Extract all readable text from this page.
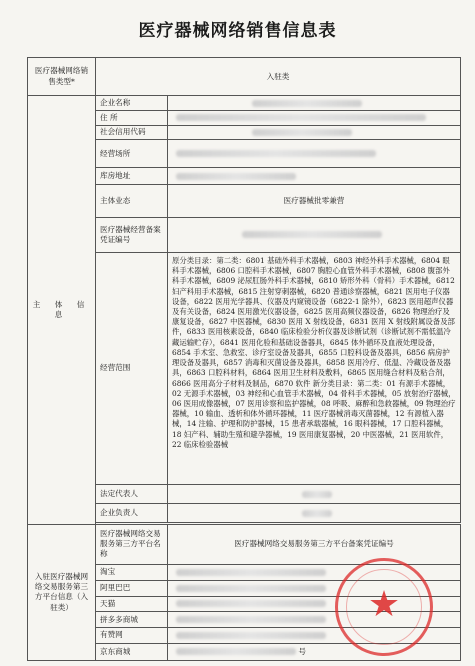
医疗器械网络销售信息表
医疗器械网络销售类型*	入驻类	
主 体 信 息	企业名称	
	住 所	
	社会信用代码	
	经营场所	
	库房地址	
	主体业态	医疗器械批零兼营
	医疗器械经营备案凭证编号	
	经营范围	原分类目录：第二类：6801 基础外科手术器械，6803 神经外科手术器械，6804 眼科手术器械，6806 口腔科手术器械，6807 胸腔心血管外科手术器械，6808 腹部外科手术器械，6809 泌尿肛肠外科手术器械，6810 矫形外科（骨科）手术器械，6812 妇产科用手术器械，6815 注射穿刺器械，6820 普通诊察器械，6821 医用电子仪器设备，6822 医用光学器具、仪器及内窥镜设备（6822-1 除外），6823 医用超声仪器及有关设备，6824 医用激光仪器设备，6825 医用高频仪器设备，6826 物理治疗及康复设备，6827 中医器械，6830 医用 X 射线设备，6831 医用 X 射线附属设备及部件，6833 医用核素设备，6840 临床检验分析仪器及诊断试剂（诊断试剂不需低温冷藏运输贮存），6841 医用化验和基础设备器具，6845 体外循环及血液处理设备，6854 手术室、急救室、诊疗室设备及器具，6855 口腔科设备及器具，6856 病房护理设备及器具，6857 消毒和灭菌设备及器具，6858 医用冷疗、低温、冷藏设备及器具，6863 口腔科材料，6864 医用卫生材料及敷料，6865 医用缝合材料及粘合剂，6866 医用高分子材料及制品，6870 软件 新分类目录：第二类：01 有源手术器械，02 无源手术器械，03 神经和心血管手术器械，04 骨科手术器械，05 放射治疗器械，06 医用成像器械，07 医用诊察和监护器械，08 呼吸、麻醉和急救器械，09 物理治疗器械，10 输血、透析和体外循环器械，11 医疗器械消毒灭菌器械，12 有源植入器械，14 注输、护理和防护器械，15 患者承载器械，16 眼科器械，17 口腔科器械，18 妇产科、辅助生殖和避孕器械，19 医用康复器械，20 中医器械，21 医用软件，22 临床检验器械
	法定代表人	
	企业负责人	

入驻医疗器械网络交易服务第三方平台信息（入驻类）	医疗器械网络交易服务第三方平台名称	医疗器械网络交易服务第三方平台备案凭证编号
	淘宝	
	阿里巴巴	
	天猫	
	拼多多商城	
	有赞网	
	京东商城	号
★
